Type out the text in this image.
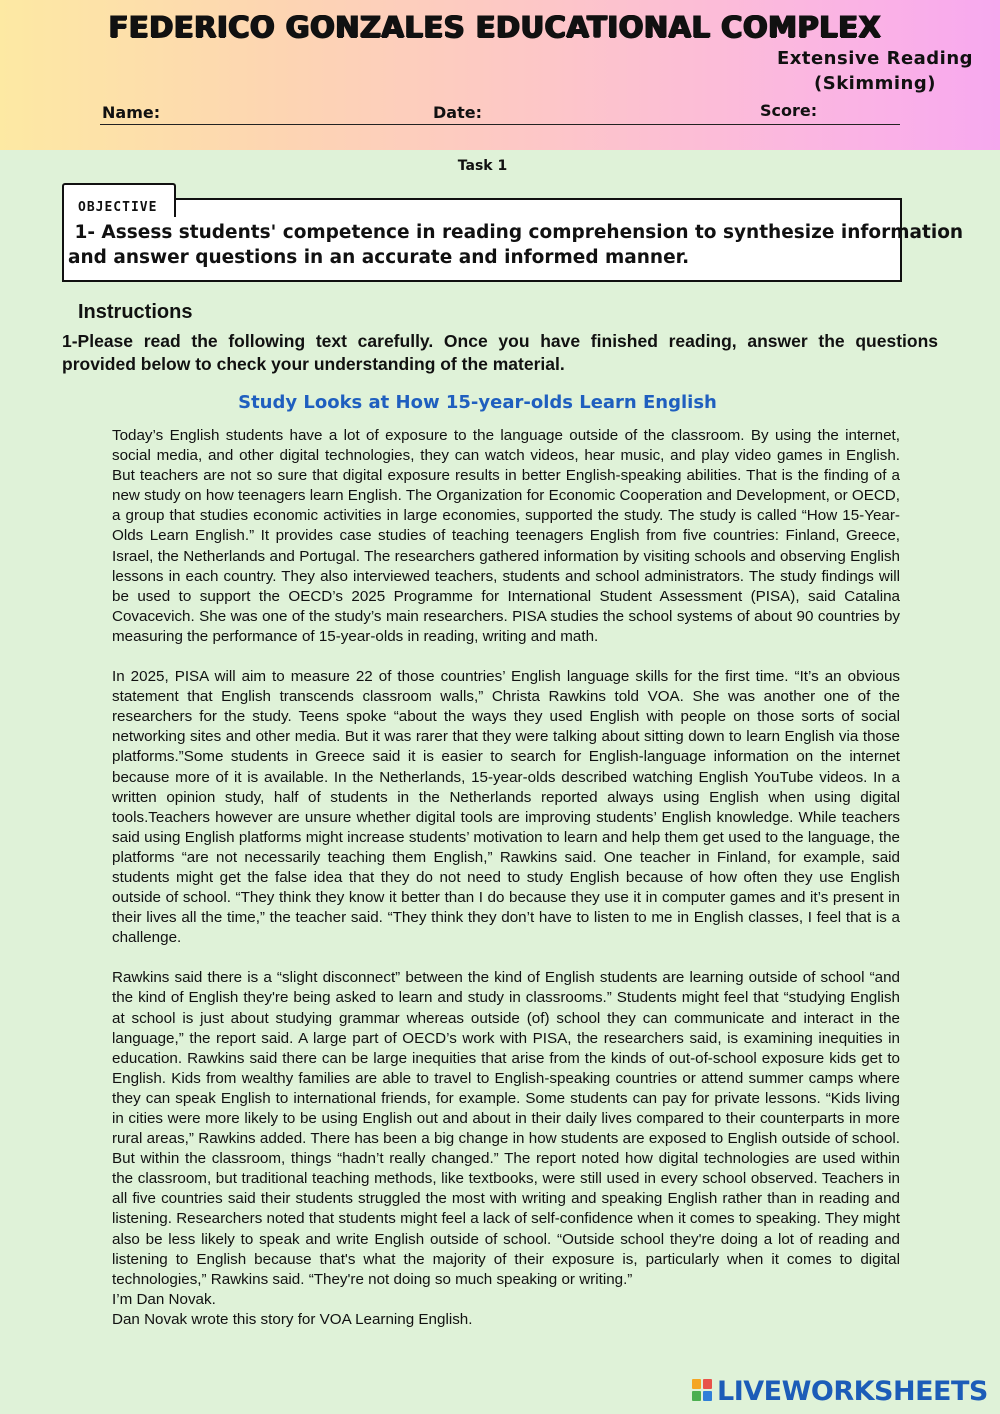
FEDERICO GONZALES EDUCATIONAL COMPLEX
Extensive Reading
(Skimming)
Name:	Date:	Score:
Task 1
OBJECTIVE
1- Assess students' competence in reading comprehension to synthesize information
and answer questions in an accurate and informed manner.
Instructions
1-Please read the following text carefully. Once you have finished reading, answer the questions provided below to check your understanding of the material.
Study Looks at How 15-year-olds Learn English

Today’s English students have a lot of exposure to the language outside of the classroom. By using the internet, social media, and other digital technologies, they can watch videos, hear music, and play video games in English. But teachers are not so sure that digital exposure results in better English-speaking abilities. That is the finding of a new study on how teenagers learn English. The Organization for Economic Cooperation and Development, or OECD, a group that studies economic activities in large economies, supported the study. The study is called “How 15-Year-Olds Learn English.” It provides case studies of teaching teenagers English from five countries: Finland, Greece, Israel, the Netherlands and Portugal. The researchers gathered information by visiting schools and observing English lessons in each country. They also interviewed teachers, students and school administrators. The study findings will be used to support the OECD’s 2025 Programme for International Student Assessment (PISA), said Catalina Covacevich. She was one of the study’s main researchers. PISA studies the school systems of about 90 countries by measuring the performance of 15-year-olds in reading, writing and math.

In 2025, PISA will aim to measure 22 of those countries’ English language skills for the first time. “It’s an obvious statement that English transcends classroom walls,” Christa Rawkins told VOA. She was another one of the researchers for the study. Teens spoke “about the ways they used English with people on those sorts of social networking sites and other media. But it was rarer that they were talking about sitting down to learn English via those platforms.”Some students in Greece said it is easier to search for English-language information on the internet because more of it is available. In the Netherlands, 15-year-olds described watching English YouTube videos. In a written opinion study, half of students in the Netherlands reported always using English when using digital tools.Teachers however are unsure whether digital tools are improving students’ English knowledge. While teachers said using English platforms might increase students’ motivation to learn and help them get used to the language, the platforms “are not necessarily teaching them English,” Rawkins said. One teacher in Finland, for example, said students might get the false idea that they do not need to study English because of how often they use English outside of school. “They think they know it better than I do because they use it in computer games and it’s present in their lives all the time,” the teacher said. “They think they don’t have to listen to me in English classes, I feel that is a challenge.

Rawkins said there is a “slight disconnect” between the kind of English students are learning outside of school “and the kind of English they're being asked to learn and study in classrooms.” Students might feel that “studying English at school is just about studying grammar whereas outside (of) school they can communicate and interact in the language,” the report said. A large part of OECD’s work with PISA, the researchers said, is examining inequities in education. Rawkins said there can be large inequities that arise from the kinds of out-of-school exposure kids get to English. Kids from wealthy families are able to travel to English-speaking countries or attend summer camps where they can speak English to international friends, for example. Some students can pay for private lessons. “Kids living in cities were more likely to be using English out and about in their daily lives compared to their counterparts in more rural areas,” Rawkins added. There has been a big change in how students are exposed to English outside of school. But within the classroom, things “hadn’t really changed.” The report noted how digital technologies are used within the classroom, but traditional teaching methods, like textbooks, were still used in every school observed. Teachers in all five countries said their students struggled the most with writing and speaking English rather than in reading and listening. Researchers noted that students might feel a lack of self-confidence when it comes to speaking. They might also be less likely to speak and write English outside of school. “Outside school they're doing a lot of reading and listening to English because that's what the majority of their exposure is, particularly when it comes to digital technologies,” Rawkins said. “They're not doing so much speaking or writing.”

I’m Dan Novak.
Dan Novak wrote this story for VOA Learning English.
LIVEWORKSHEETS
